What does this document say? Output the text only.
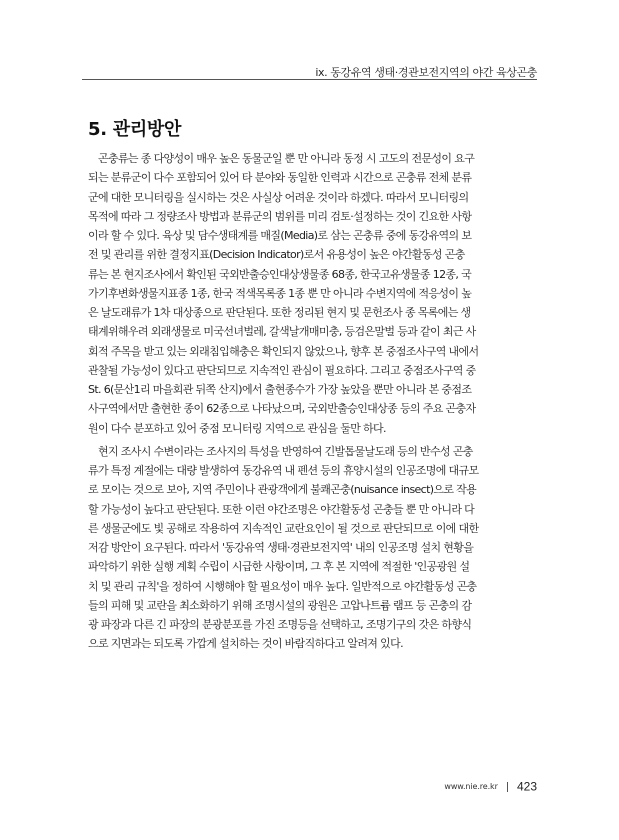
ix. 동강유역 생태·경관보전지역의 야간 육상곤충
5. 관리방안

곤충류는 종 다양성이 매우 높은 동물군일 뿐 만 아니라 동정 시 고도의 전문성이 요구
되는 분류군이 다수 포함되어 있어 타 분야와 동일한 인력과 시간으로 곤충류 전체 분류
군에 대한 모니터링을 실시하는 것은 사실상 어려운 것이라 하겠다. 따라서 모니터링의
목적에 따라 그 정량조사 방법과 분류군의 범위를 미리 검토·설정하는 것이 긴요한 사항
이라 할 수 있다. 육상 및 담수생태계를 매질(Media)로 삼는 곤충류 중에 동강유역의 보
전 및 관리를 위한 결정지표(Decision Indicator)로서 유용성이 높은 야간활동성 곤충
류는 본 현지조사에서 확인된 국외반출승인대상생물종 68종, 한국고유생물종 12종, 국
가기후변화생물지표종 1종, 한국 적색목록종 1종 뿐 만 아니라 수변지역에 적응성이 높
은 날도래류가 1차 대상종으로 판단된다. 또한 정리된 현지 및 문헌조사 종 목록에는 생
태계위해우려 외래생물로 미국선녀벌레, 갈색날개매미충, 등검은말벌 등과 같이 최근 사
회적 주목을 받고 있는 외래침입해충은 확인되지 않았으나, 향후 본 중점조사구역 내에서
관찰될 가능성이 있다고 판단되므로 지속적인 관심이 필요하다. 그리고 중점조사구역 중
St. 6(문산1리 마을회관 뒤쪽 산지)에서 출현종수가 가장 높았을 뿐만 아니라 본 중점조
사구역에서만 출현한 종이 62종으로 나타났으며, 국외반출승인대상종 등의 주요 곤충자
원이 다수 분포하고 있어 중점 모니터링 지역으로 관심을 둘만 하다.

현지 조사시 수변이라는 조사지의 특성을 반영하여 긴발톱물날도래 등의 반수성 곤충
류가 특정 계절에는 대량 발생하여 동강유역 내 펜션 등의 휴양시설의 인공조명에 대규모
로 모이는 것으로 보아, 지역 주민이나 관광객에게 불쾌곤충(nuisance insect)으로 작용
할 가능성이 높다고 판단된다. 또한 이런 야간조명은 야간활동성 곤충들 뿐 만 아니라 다
른 생물군에도 빛 공해로 작용하여 지속적인 교란요인이 될 것으로 판단되므로 이에 대한
저감 방안이 요구된다. 따라서 '동강유역 생태·경관보전지역' 내의 인공조명 설치 현황을
파악하기 위한 실행 계획 수립이 시급한 사항이며, 그 후 본 지역에 적절한 '인공광원 설
치 및 관리 규칙'을 정하여 시행해야 할 필요성이 매우 높다. 일반적으로 야간활동성 곤충
들의 피해 및 교란을 최소화하기 위해 조명시설의 광원은 고압나트륨 램프 등 곤충의 감
광 파장과 다른 긴 파장의 분광분포를 가진 조명등을 선택하고, 조명기구의 갓은 하향식
으로 지면과는 되도록 가깝게 설치하는 것이 바람직하다고 알려져 있다.

www.nie.re.kr 423
